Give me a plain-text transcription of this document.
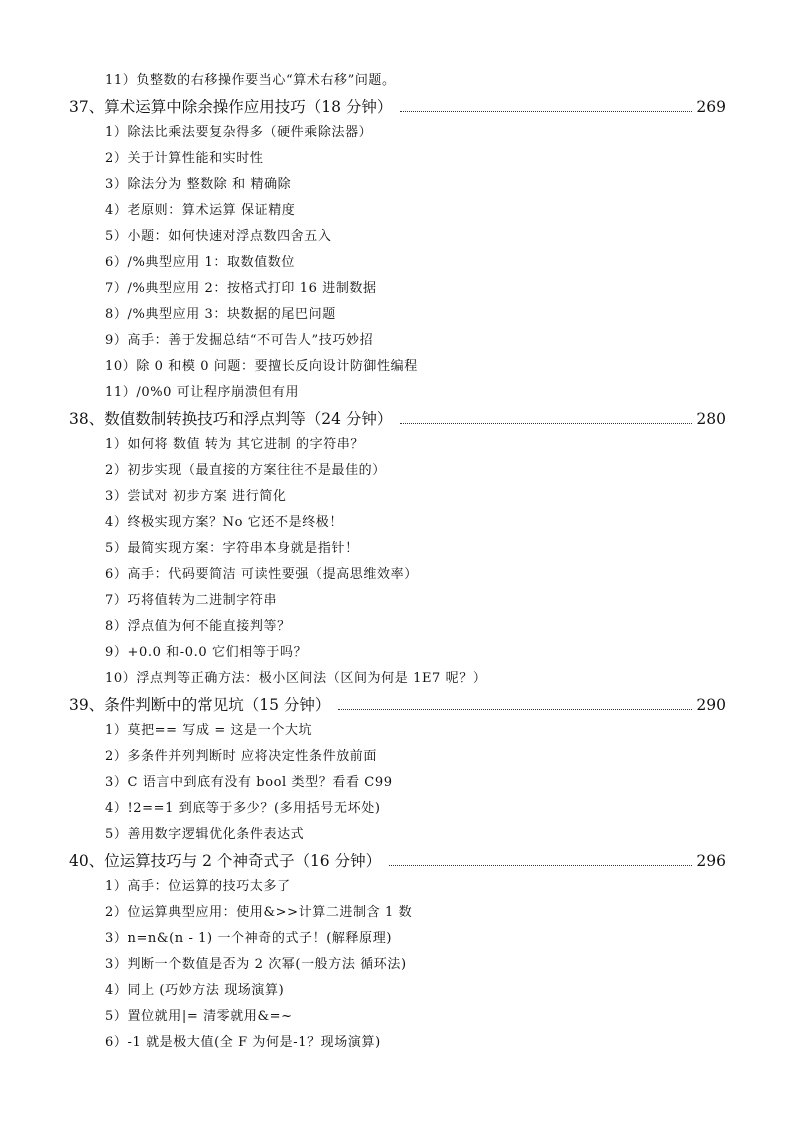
11）负整数的右移操作要当心“算术右移”问题。
37、算术运算中除余操作应用技巧（18 分钟）	269
1）除法比乘法要复杂得多（硬件乘除法器）
2）关于计算性能和实时性
3）除法分为 整数除 和 精确除
4）老原则：算术运算 保证精度
5）小题：如何快速对浮点数四舍五入
6）/%典型应用 1：取数值数位
7）/%典型应用 2：按格式打印 16 进制数据
8）/%典型应用 3：块数据的尾巴问题
9）高手：善于发掘总结“不可告人”技巧妙招
10）除 0 和模 0 问题：要擅长反向设计防御性编程
11）/0%0 可让程序崩溃但有用
38、数值数制转换技巧和浮点判等（24 分钟）	280
1）如何将 数值 转为 其它进制 的字符串？
2）初步实现（最直接的方案往往不是最佳的）
3）尝试对 初步方案 进行简化
4）终极实现方案？No 它还不是终极！
5）最简实现方案：字符串本身就是指针！
6）高手：代码要简洁 可读性要强（提高思维效率）
7）巧将值转为二进制字符串
8）浮点值为何不能直接判等？
9）+0.0 和-0.0 它们相等于吗？
10）浮点判等正确方法：极小区间法（区间为何是 1E7 呢？）
39、条件判断中的常见坑（15 分钟）	290
1）莫把== 写成 = 这是一个大坑
2）多条件并列判断时 应将决定性条件放前面
3）C 语言中到底有没有 bool 类型？看看 C99
4）!2==1 到底等于多少？(多用括号无坏处)
5）善用数字逻辑优化条件表达式
40、位运算技巧与 2 个神奇式子（16 分钟）	296
1）高手：位运算的技巧太多了
2）位运算典型应用：使用&>>计算二进制含 1 数
3）n=n&(n - 1) 一个神奇的式子！(解释原理)
3）判断一个数值是否为 2 次幂(一般方法 循环法)
4）同上 (巧妙方法 现场演算)
5）置位就用|= 清零就用&=~
6）-1 就是极大值(全 F 为何是-1？现场演算)
